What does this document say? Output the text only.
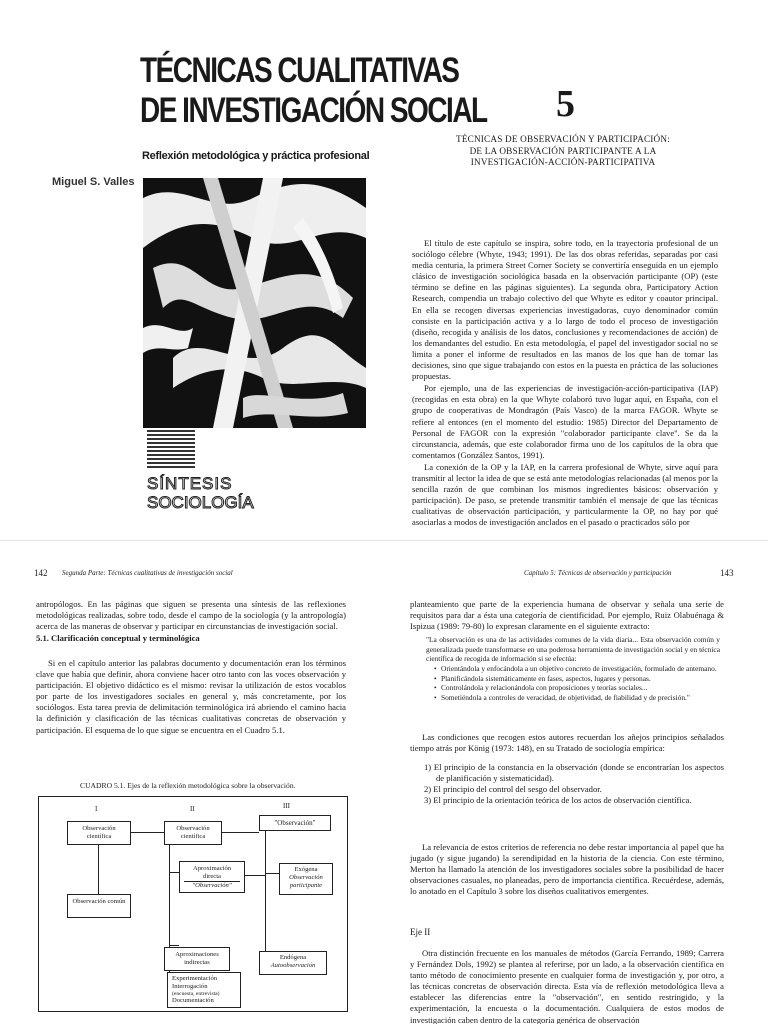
TÉCNICAS CUALITATIVAS
DE INVESTIGACIÓN SOCIAL
Reflexión metodológica y práctica profesional
Miguel S. Valles
SÍNTESIS
SOCIOLOGÍA
5
TÉCNICAS DE OBSERVACIÓN Y PARTICIPACIÓN:
DE LA OBSERVACIÓN PARTICIPANTE A LA
INVESTIGACIÓN-ACCIÓN-PARTICIPATIVA

El título de este capítulo se inspira, sobre todo, en la trayectoria profesional de un sociólogo célebre (Whyte, 1943; 1991). De las dos obras referidas, separadas por casi media centuria, la primera Street Corner Society se convertiría enseguida en un ejemplo clásico de investigación sociológica basada en la observación participante (OP) (este término se define en las páginas siguientes). La segunda obra, Participatory Action Research, compendia un trabajo colectivo del que Whyte es editor y coautor principal. En ella se recogen diversas experiencias investigadoras, cuyo denominador común consiste en la participación activa y a lo largo de todo el proceso de investigación (diseño, recogida y análisis de los datos, conclusiones y recomendaciones de acción) de los demandantes del estudio. En esta metodología, el papel del investigador social no se limita a poner el informe de resultados en las manos de los que han de tomar las decisiones, sino que sigue trabajando con estos en la puesta en práctica de las soluciones propuestas.

Por ejemplo, una de las experiencias de investigación-acción-participativa (IAP) (recogidas en esta obra) en la que Whyte colaboró tuvo lugar aquí, en España, con el grupo de cooperativas de Mondragón (País Vasco) de la marca FAGOR. Whyte se refiere al entonces (en el momento del estudio: 1985) Director del Departamento de Personal de FAGOR con la expresión "colaborador participante clave". Se da la circunstancia, además, que este colaborador firma uno de los capítulos de la obra que comentamos (González Santos, 1991).

La conexión de la OP y la IAP, en la carrera profesional de Whyte, sirve aquí para transmitir al lector la idea de que se está ante metodologías relacionadas (al menos por la sencilla razón de que combinan los mismos ingredientes básicos: observación y participación). De paso, se pretende transmitir también el mensaje de que las técnicas cualitativas de observación participación, y particularmente la OP, no hay por qué asociarlas a modos de investigación anclados en el pasado o practicados sólo por

142 Segunda Parte: Técnicas cualitativas de investigación social
antropólogos. En las páginas que siguen se presenta una síntesis de las reflexiones metodológicas realizadas, sobre todo, desde el campo de la sociología (y la antropología) acerca de las maneras de observar y participar en circunstancias de investigación social.
5.1. Clarificación conceptual y terminológica

Si en el capítulo anterior las palabras documento y documentación eran los términos clave que había que definir, ahora conviene hacer otro tanto con las voces observación y participación. El objetivo didáctico es el mismo: revisar la utilización de estos vocablos por parte de los investigadores sociales en general y, más concretamente, por los sociólogos. Esta tarea previa de delimitación terminológica irá abriendo el camino hacia la definición y clasificación de las técnicas cualitativas concretas de observación y participación. El esquema de lo que sigue se encuentra en el Cuadro 5.1.

CUADRO 5.1. Ejes de la reflexión metodológica sobre la observación.
I	II	III
Observación científica
Observación común
Observación científica
Aproximación directa
"Observación"
Aproximaciones indirectas
Experimentación
Interrogación
(encuesta, entrevista)
Documentación
"Observación"
Exógena
Observación participante
Endógena
Autoobservación
Capítulo 5: Técnicas de observación y participación	143
planteamiento que parte de la experiencia humana de observar y señala una serie de requisitos para dar a ésta una categoría de cientificidad. Por ejemplo, Ruiz Olabuénaga & Ispizua (1989: 79-80) lo expresan claramente en el siguiente extracto:
"La observación es una de las actividades comunes de la vida diaria... Esta observación común y generalizada puede transformarse en una poderosa herramienta de investigación social y en técnica científica de recogida de información si se efectúa:
• Orientándola y enfocándola a un objetivo concreto de investigación, formulado de antemano.
• Planificándola sistemáticamente en fases, aspectos, lugares y personas.
• Controlándola y relacionándola con proposiciones y teorías sociales...
• Sometiéndola a controles de veracidad, de objetividad, de fiabilidad y de precisión."

Las condiciones que recogen estos autores recuerdan los añejos principios señalados tiempo atrás por König (1973: 148), en su Tratado de sociología empírica:

1) El principio de la constancia en la observación (donde se encontrarían los aspectos de planificación y sistematicidad).
2) El principio del control del sesgo del observador.
3) El principio de la orientación teórica de los actos de observación científica.

La relevancia de estos criterios de referencia no debe restar importancia al papel que ha jugado (y sigue jugando) la serendipidad en la historia de la ciencia. Con este término, Merton ha llamado la atención de los investigadores sociales sobre la posibilidad de hacer observaciones casuales, no planeadas, pero de importancia científica. Recuérdese, además, lo anotado en el Capítulo 3 sobre los diseños cualitativos emergentes.

Eje II

Otra distinción frecuente en los manuales de métodos (García Ferrando, 1989; Carrera y Fernández Dols, 1992) se plantea al referirse, por un lado, a la observación científica en tanto método de conocimiento presente en cualquier forma de investigación y, por otro, a las técnicas concretas de observación directa. Esta vía de reflexión metodológica lleva a establecer las diferencias entre la "observación", en sentido restringido, y la experimentación, la encuesta o la documentación. Cualquiera de estos modos de investigación caben dentro de la categoría genérica de observación
